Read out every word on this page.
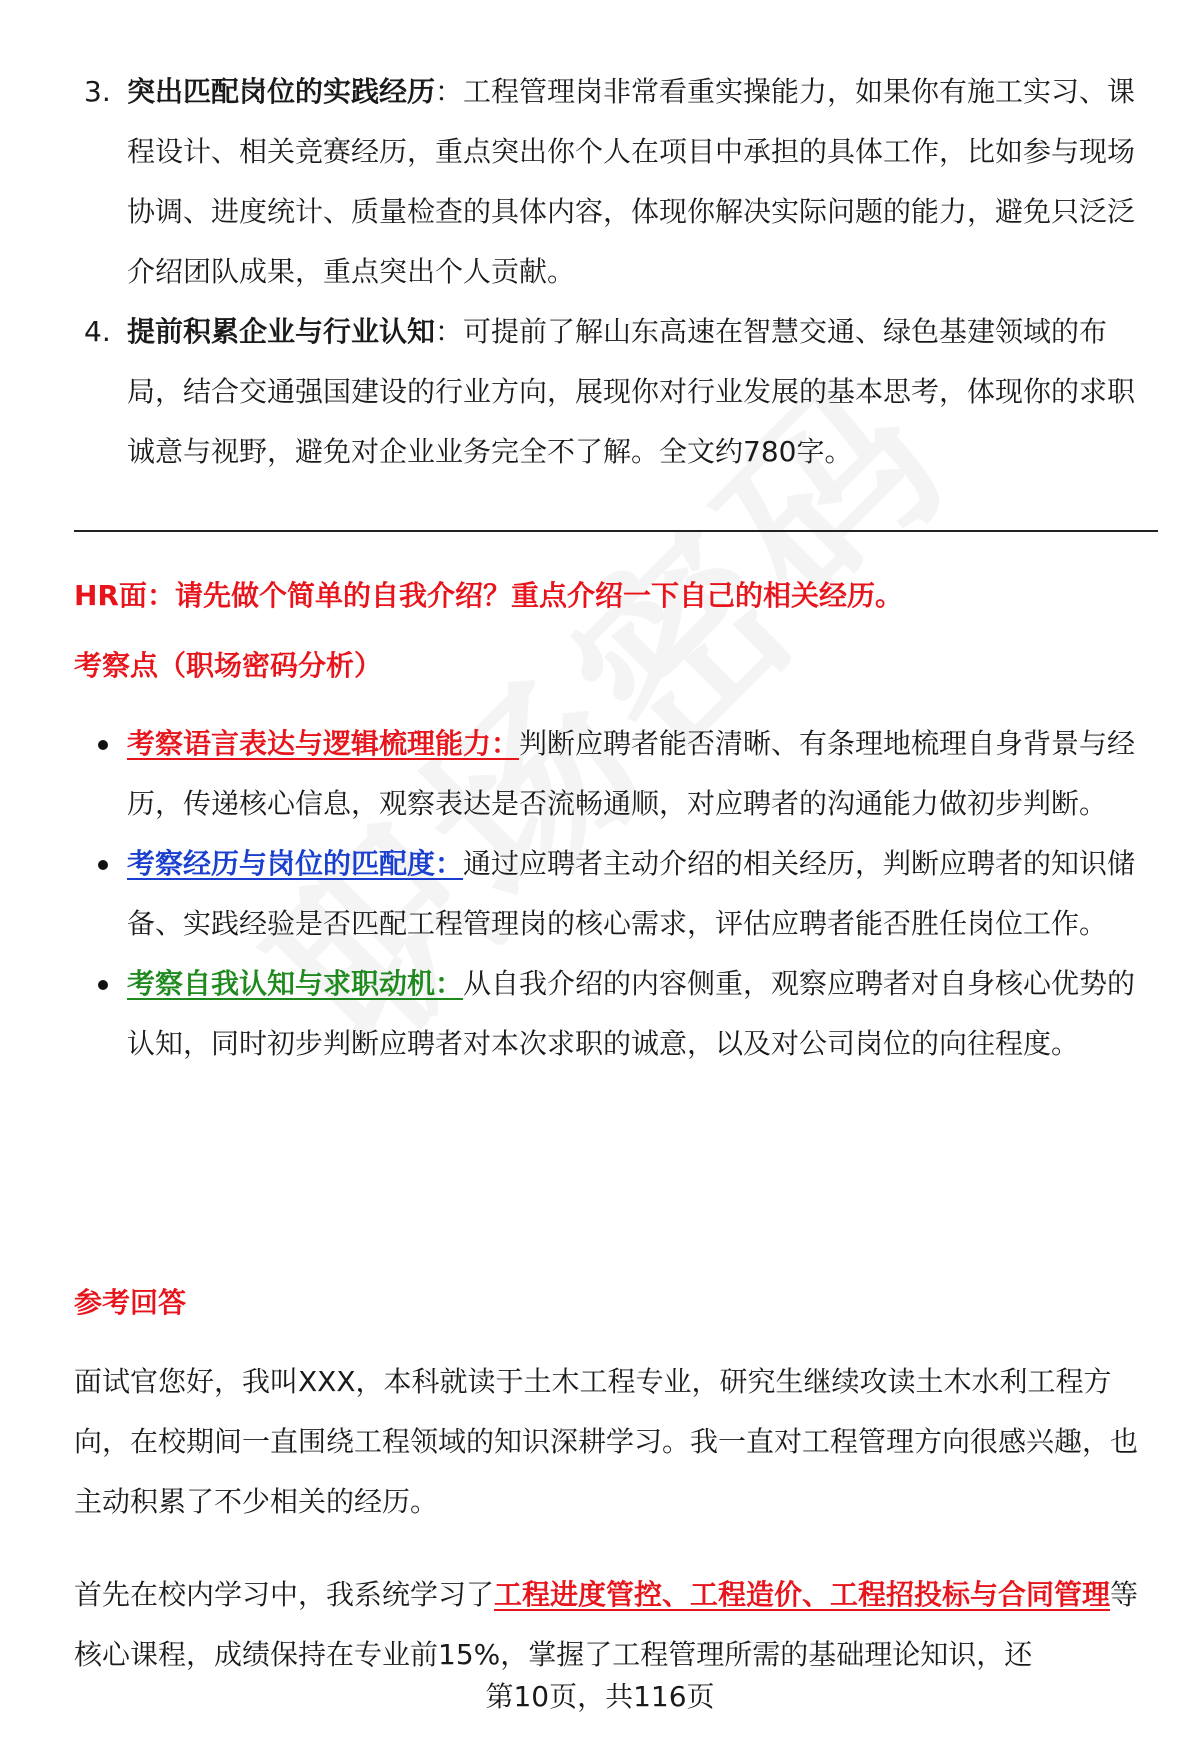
3. 突出匹配岗位的实践经历：工程管理岗非常看重实操能力，如果你有施工实习、课程设计、相关竞赛经历，重点突出你个人在项目中承担的具体工作，比如参与现场协调、进度统计、质量检查的具体内容，体现你解决实际问题的能力，避免只泛泛介绍团队成果，重点突出个人贡献。

4. 提前积累企业与行业认知：可提前了解山东高速在智慧交通、绿色基建领域的布局，结合交通强国建设的行业方向，展现你对行业发展的基本思考，体现你的求职诚意与视野，避免对企业业务完全不了解。全文约780字。

HR面：请先做个简单的自我介绍？重点介绍一下自己的相关经历。
考察点（职场密码分析）

考察语言表达与逻辑梳理能力：判断应聘者能否清晰、有条理地梳理自身背景与经历，传递核心信息，观察表达是否流畅通顺，对应聘者的沟通能力做初步判断。

考察经历与岗位的匹配度：通过应聘者主动介绍的相关经历，判断应聘者的知识储备、实践经验是否匹配工程管理岗的核心需求，评估应聘者能否胜任岗位工作。

考察自我认知与求职动机：从自我介绍的内容侧重，观察应聘者对自身核心优势的认知，同时初步判断应聘者对本次求职的诚意，以及对公司岗位的向往程度。

参考回答

面试官您好，我叫XXX，本科就读于土木工程专业，研究生继续攻读土木水利工程方向，在校期间一直围绕工程领域的知识深耕学习。我一直对工程管理方向很感兴趣，也主动积累了不少相关的经历。

首先在校内学习中，我系统学习了工程进度管控、工程造价、工程招投标与合同管理等核心课程，成绩保持在专业前15%，掌握了工程管理所需的基础理论知识，还

第10页，共116页
